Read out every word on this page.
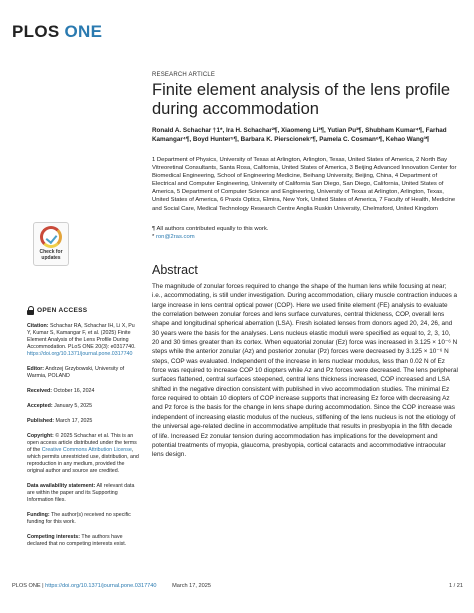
PLOS ONE
RESEARCH ARTICLE
Finite element analysis of the lens profile during accommodation
Ronald A. Schachar † 1*, Ira H. Schachar²¶, Xiaomeng Li³¶, Yutian Pu³¶, Shubham Kumar⁴¶, Farhad Kamangar⁴¶, Boyd Hunter⁵¶, Barbara K. Pierscionek⁷¶, Pamela C. Cosman⁶¶, Kehao Wang³¶
1 Department of Physics, University of Texas at Arlington, Arlington, Texas, United States of America, 2 North Bay Vitreoretinal Consultants, Santa Rosa, California, United States of America, 3 Beijing Advanced Innovation Center for Biomedical Engineering, School of Engineering Medicine, Beihang University, Beijing, China, 4 Department of Electrical and Computer Engineering, University of California San Diego, San Diego, California, United States of America, 5 Department of Computer Science and Engineering, University of Texas at Arlington, Arlington, Texas, United States of America, 6 Praxis Optics, Elmira, New York, United States of America, 7 Faculty of Health, Medicine and Social Care, Medical Technology Research Centre Anglia Ruskin University, Chelmsford, United Kingdom
¶ All authors contributed equally to this work.
* ron@2ras.com
Abstract

The magnitude of zonular forces required to change the shape of the human lens while focusing at near; i.e., accommodating, is still under investigation. During accommodation, ciliary muscle contraction induces a large increase in lens central optical power (COP). Here we used finite element (FE) analysis to evaluate the correlation between zonular forces and lens surface curvatures, central thickness, COP, overall lens shape and longitudinal spherical aberration (LSA). Fresh isolated lenses from donors aged 20, 24, 26, and 30 years were the basis for the analyses. Lens nucleus elastic moduli were specified as equal to, 2, 3, 10, 20 and 30 times greater than its cortex. When equatorial zonular (Ez) force was increased in 3.125 × 10⁻⁶ N steps while the anterior zonular (Az) and posterior zonular (Pz) forces were decreased by 3.125 × 10⁻⁶ N steps, COP was evaluated. Independent of the increase in lens nuclear modulus, less than 0.02 N of Ez force was required to increase COP 10 diopters while Az and Pz forces were decreased. The lens peripheral surfaces flattened, central surfaces steepened, central lens thickness increased, COP increased and LSA shifted in the negative direction consistent with published in vivo accommodation studies. The minimal Ez force required to obtain 10 diopters of COP increase supports that increasing Ez force with decreasing Az and Pz force is the basis for the change in lens shape during accommodation. Since the COP increase was independent of increasing elastic modulus of the nucleus, stiffening of the lens nucleus is not the etiology of the universal age-related decline in accommodative amplitude that results in presbyopia in the fifth decade of life. Increased Ez zonular tension during accommodation has implications for the development and potential treatments of myopia, glaucoma, presbyopia, cortical cataracts and accommodative intraocular lens design.

Check for
updates
OPEN ACCESS
Citation: Schachar RA, Schachar IH, Li X, Pu Y, Kumar S, Kamangar F, et al. (2025) Finite Element Analysis of the Lens Profile During Accommodation. PLoS ONE 20(3): e0317740. https://doi.org/10.1371/journal.pone.0317740
Editor: Andrzej Grzybowski, University of Warmia, POLAND
Received: October 16, 2024
Accepted: January 5, 2025
Published: March 17, 2025
Copyright: © 2025 Schachar et al. This is an open access article distributed under the terms of the Creative Commons Attribution License, which permits unrestricted use, distribution, and reproduction in any medium, provided the original author and source are credited.
Data availability statement: All relevant data are within the paper and its Supporting Information files.
Funding: The author(s) received no specific funding for this work.
Competing interests: The authors have declared that no competing interests exist.
PLOS ONE | https://doi.org/10.1371/journal.pone.0317740	March 17, 2025	1 / 21
